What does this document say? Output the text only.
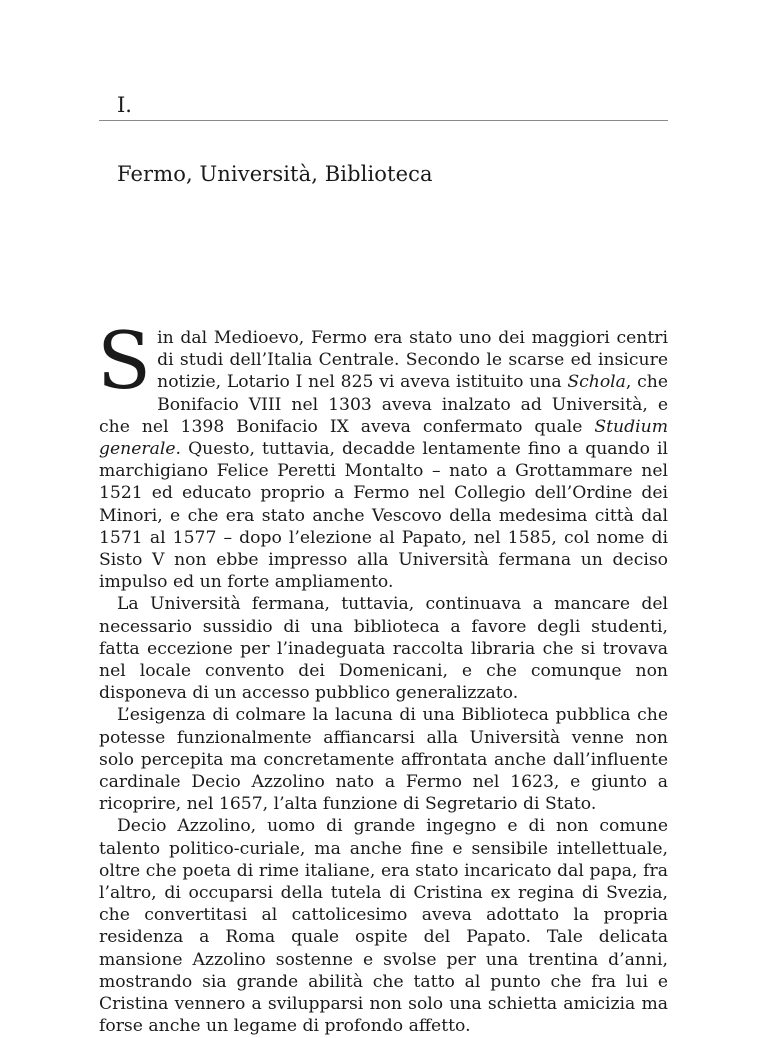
I.
Fermo, Università, Biblioteca

Sin dal Medioevo, Fermo era stato uno dei maggiori centri di studi dell’Italia Centrale. Secondo le scarse ed insicure notizie, Lotario I nel 825 vi aveva istituito una Schola, che Bonifacio VIII nel 1303 aveva inalzato ad Università, e che nel 1398 Bonifacio IX aveva confermato quale Studium generale. Questo, tuttavia, decadde lentamente fino a quando il marchigiano Felice Peretti Montalto – nato a Grottammare nel 1521 ed educato proprio a Fermo nel Collegio dell’Ordine dei Minori, e che era stato anche Vescovo della medesima città dal 1571 al 1577 – dopo l’elezione al Papato, nel 1585, col nome di Sisto V non ebbe impresso alla Università fermana un deciso impulso ed un forte ampliamento.

La Università fermana, tuttavia, continuava a mancare del necessario sussidio di una biblioteca a favore degli studenti, fatta eccezione per l’inadeguata raccolta libraria che si trovava nel locale convento dei Domenicani, e che comunque non disponeva di un accesso pubblico generalizzato.

L’esigenza di colmare la lacuna di una Biblioteca pubblica che potesse funzionalmente affiancarsi alla Università venne non solo percepita ma concretamente affrontata anche dall’influente cardinale Decio Azzolino nato a Fermo nel 1623, e giunto a ricoprire, nel 1657, l’alta funzione di Segretario di Stato.

Decio Azzolino, uomo di grande ingegno e di non comune talento politico-curiale, ma anche fine e sensibile intellettuale, oltre che poeta di rime italiane, era stato incaricato dal papa, fra l’altro, di occuparsi della tutela di Cristina ex regina di Svezia, che convertitasi al cattolicesimo aveva adottato la propria residenza a Roma quale ospite del Papato. Tale delicata mansione Azzolino sostenne e svolse per una trentina d’anni, mostrando sia grande abilità che tatto al punto che fra lui e Cristina vennero a svilupparsi non solo una schietta amicizia ma forse anche un legame di profondo affetto.
